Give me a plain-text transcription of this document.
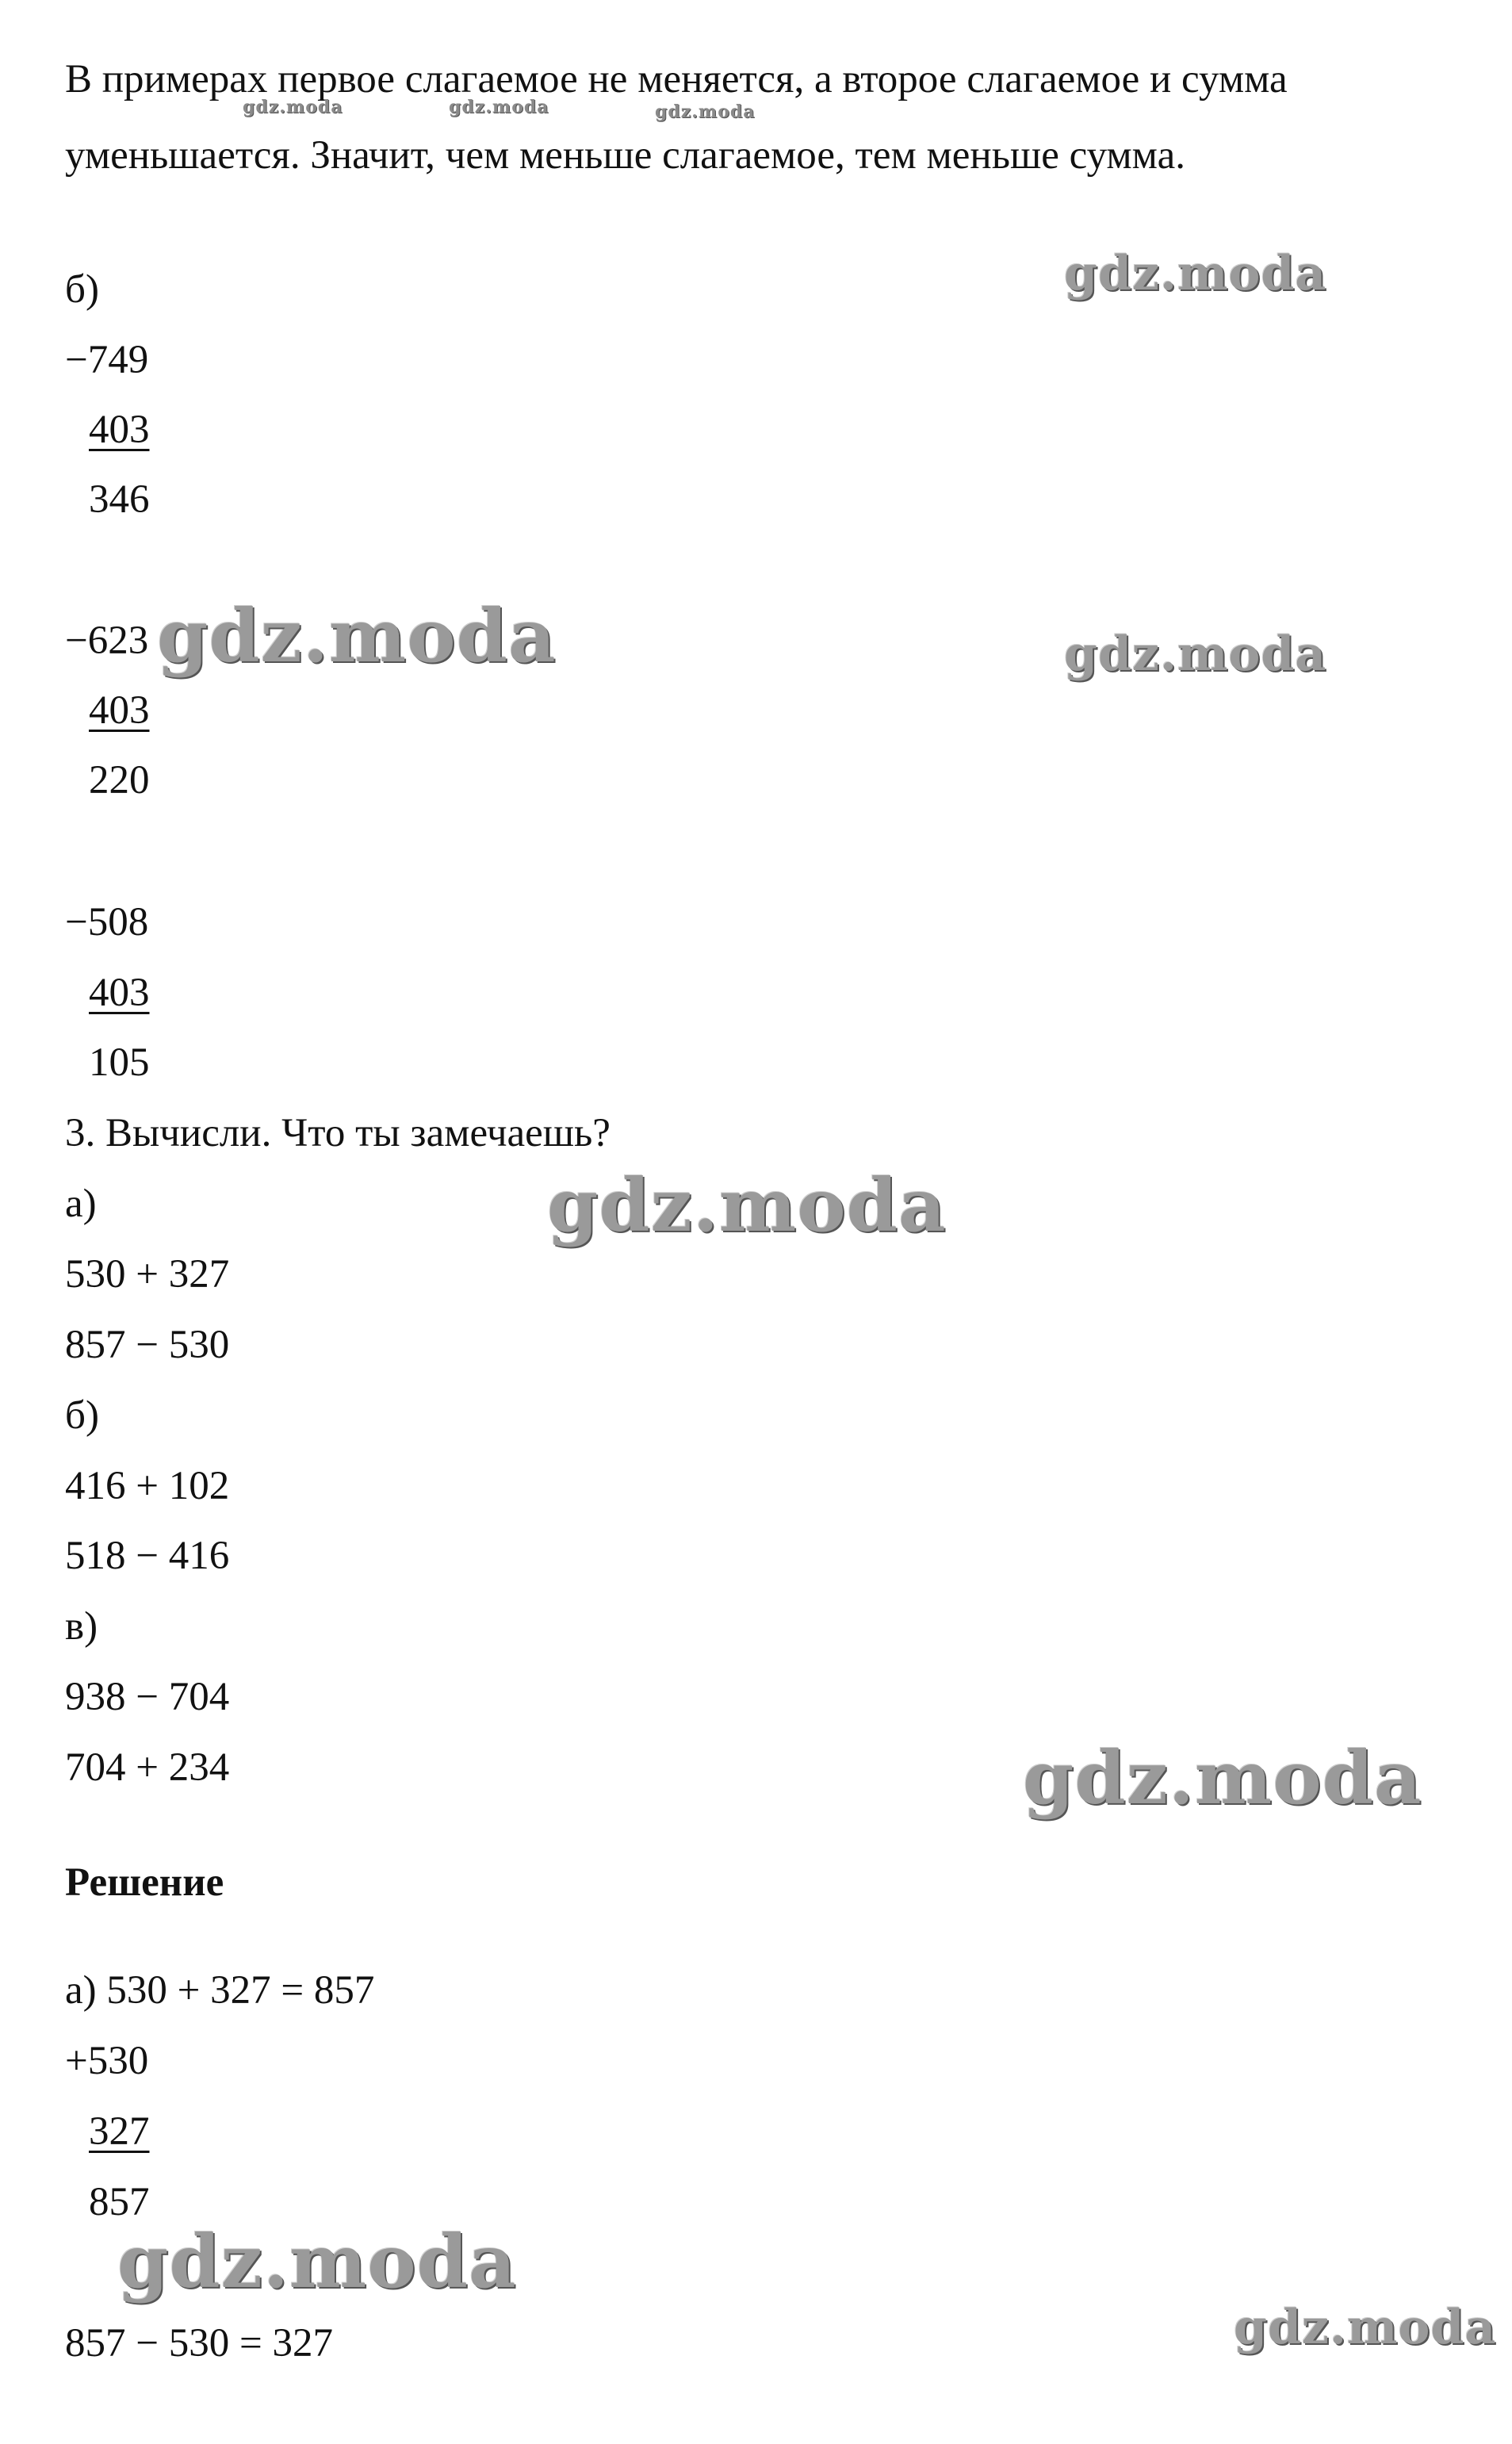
В примерах первое слагаемое не меняется, а второе слагаемое и сумма
уменьшается. Значит, чем меньше слагаемое, тем меньше сумма.
б)
−749
403
346
−623
403
220
−508
403
105
3. Вычисли. Что ты замечаешь?
а)
530 + 327
857 − 530
б)
416 + 102
518 − 416
в)
938 − 704
704 + 234
Решение
а) 530 + 327 = 857
+530
327
857
857 − 530 = 327
gdz.moda	gdz.moda	gdz.moda
gdz.moda
gdz.moda	gdz.moda
gdz.moda
gdz.moda
gdz.moda
gdz.moda
